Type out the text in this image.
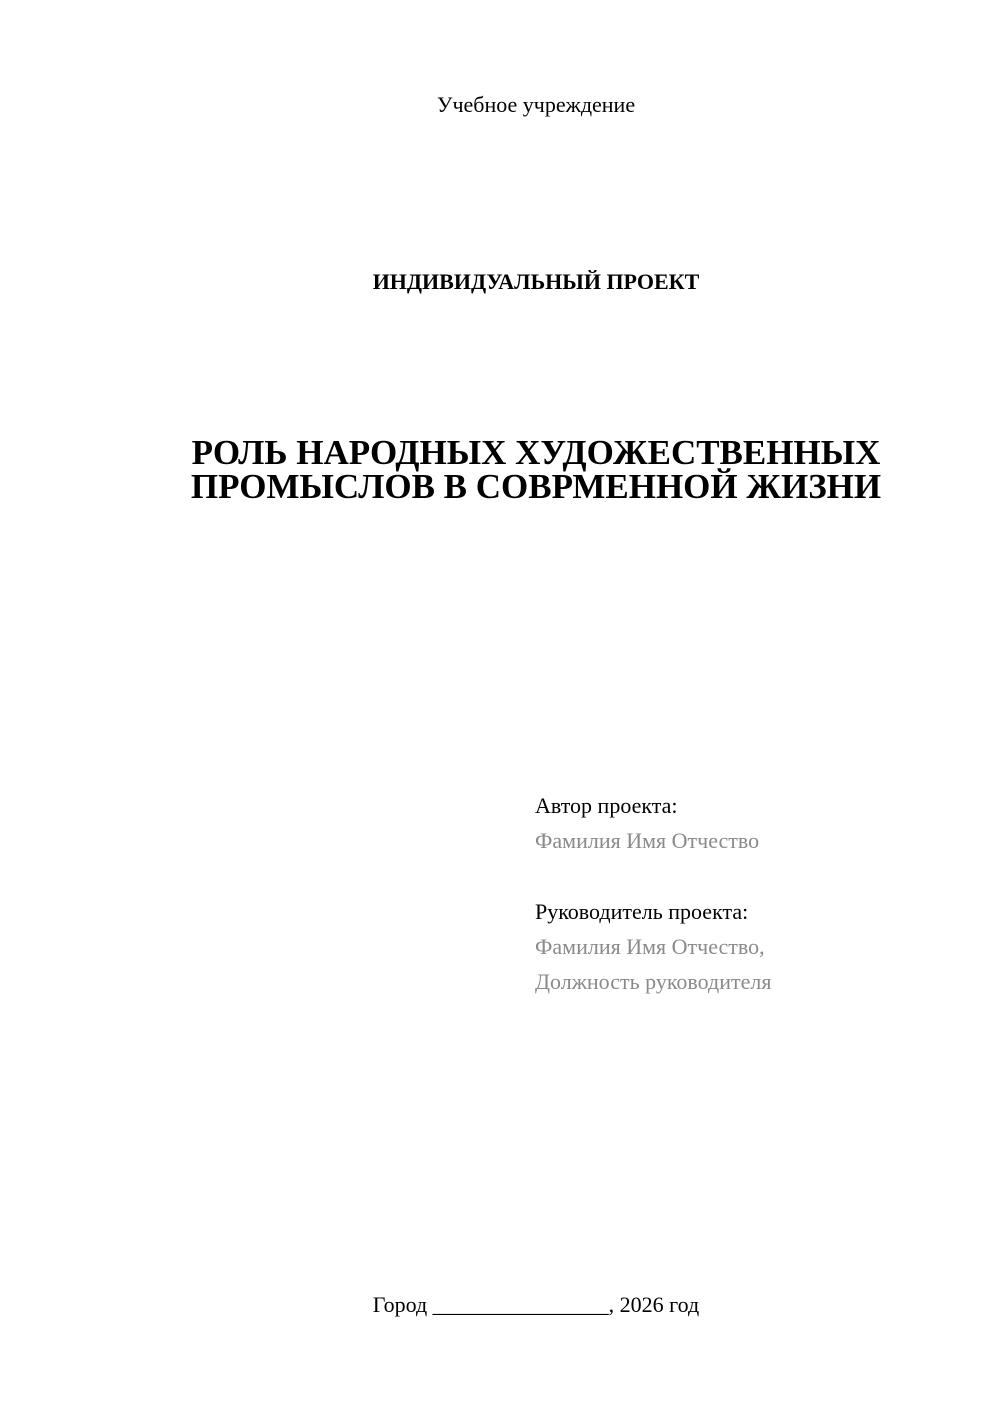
Учебное учреждение
ИНДИВИДУАЛЬНЫЙ ПРОЕКТ
РОЛЬ НАРОДНЫХ ХУДОЖЕСТВЕННЫХ
ПРОМЫСЛОВ В СОВРМЕННОЙ ЖИЗНИ
Автор проекта:
Фамилия Имя Отчество
Руководитель проекта:
Фамилия Имя Отчество,
Должность руководителя
Город ________________, 2026 год
